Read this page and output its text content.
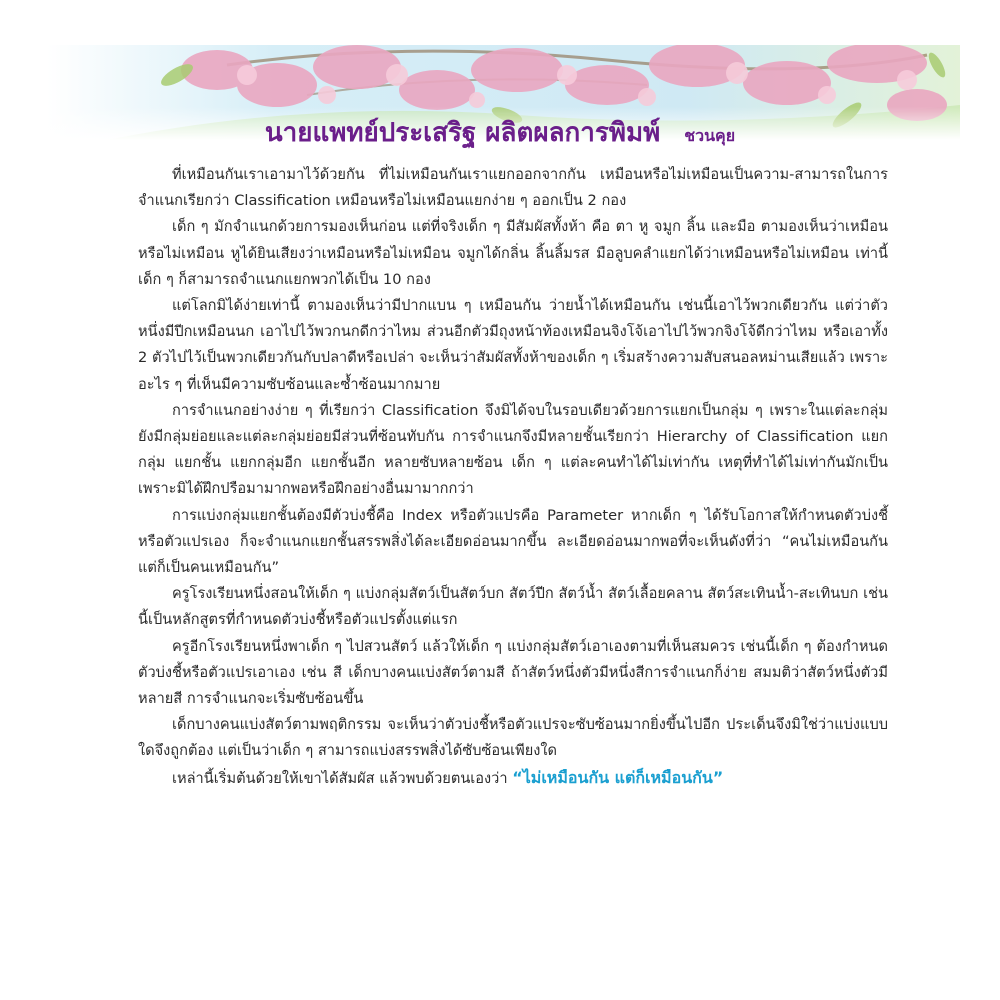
นายแพทย์ประเสริฐ ผลิตผลการพิมพ์ ชวนคุย

ที่เหมือนกันเราเอามาไว้ด้วยกัน ที่ไม่เหมือนกันเราแยกออกจากกัน เหมือนหรือไม่เหมือนเป็นความ-สามารถในการจำแนกเรียกว่า Classification เหมือนหรือไม่เหมือนแยกง่าย ๆ ออกเป็น 2 กอง

เด็ก ๆ มักจำแนกด้วยการมองเห็นก่อน แต่ที่จริงเด็ก ๆ มีสัมผัสทั้งห้า คือ ตา หู จมูก ลิ้น และมือ ตามองเห็นว่าเหมือนหรือไม่เหมือน หูได้ยินเสียงว่าเหมือนหรือไม่เหมือน จมูกได้กลิ่น ลิ้นลิ้มรส มือลูบคลำแยกได้ว่าเหมือนหรือไม่เหมือน เท่านี้เด็ก ๆ ก็สามารถจำแนกแยกพวกได้เป็น 10 กอง

แต่โลกมิได้ง่ายเท่านี้ ตามองเห็นว่ามีปากแบน ๆ เหมือนกัน ว่ายน้ำได้เหมือนกัน เช่นนี้เอาไว้พวกเดียวกัน แต่ว่าตัวหนึ่งมีปีกเหมือนนก เอาไปไว้พวกนกดีกว่าไหม ส่วนอีกตัวมีถุงหน้าท้องเหมือนจิงโจ้เอาไปไว้พวกจิงโจ้ดีกว่าไหม หรือเอาทั้ง 2 ตัวไปไว้เป็นพวกเดียวกันกับปลาดีหรือเปล่า จะเห็นว่าสัมผัสทั้งห้าของเด็ก ๆ เริ่มสร้างความสับสนอลหม่านเสียแล้ว เพราะอะไร ๆ ที่เห็นมีความซับซ้อนและซ้ำซ้อนมากมาย

การจำแนกอย่างง่าย ๆ ที่เรียกว่า Classification จึงมิได้จบในรอบเดียวด้วยการแยกเป็นกลุ่ม ๆ เพราะในแต่ละกลุ่มยังมีกลุ่มย่อยและแต่ละกลุ่มย่อยมีส่วนที่ซ้อนทับกัน การจำแนกจึงมีหลายชั้นเรียกว่า Hierarchy of Classification แยกกลุ่ม แยกชั้น แยกกลุ่มอีก แยกชั้นอีก หลายซับหลายซ้อน เด็ก ๆ แต่ละคนทำได้ไม่เท่ากัน เหตุที่ทำได้ไม่เท่ากันมักเป็นเพราะมิได้ฝึกปรือมามากพอหรือฝึกอย่างอื่นมามากกว่า

การแบ่งกลุ่มแยกชั้นต้องมีตัวบ่งชี้คือ Index หรือตัวแปรคือ Parameter หากเด็ก ๆ ได้รับโอกาสให้กำหนดตัวบ่งชี้หรือตัวแปรเอง ก็จะจำแนกแยกชั้นสรรพสิ่งได้ละเอียดอ่อนมากขึ้น ละเอียดอ่อนมากพอที่จะเห็นดังที่ว่า “คนไม่เหมือนกัน แต่ก็เป็นคนเหมือนกัน”

ครูโรงเรียนหนึ่งสอนให้เด็ก ๆ แบ่งกลุ่มสัตว์เป็นสัตว์บก สัตว์ปีก สัตว์น้ำ สัตว์เลื้อยคลาน สัตว์สะเทินน้ำ-สะเทินบก เช่นนี้เป็นหลักสูตรที่กำหนดตัวบ่งชี้หรือตัวแปรตั้งแต่แรก

ครูอีกโรงเรียนหนึ่งพาเด็ก ๆ ไปสวนสัตว์ แล้วให้เด็ก ๆ แบ่งกลุ่มสัตว์เอาเองตามที่เห็นสมควร เช่นนี้เด็ก ๆ ต้องกำหนดตัวบ่งชี้หรือตัวแปรเอาเอง เช่น สี เด็กบางคนแบ่งสัตว์ตามสี ถ้าสัตว์หนึ่งตัวมีหนึ่งสีการจำแนกก็ง่าย สมมติว่าสัตว์หนึ่งตัวมีหลายสี การจำแนกจะเริ่มซับซ้อนขึ้น

เด็กบางคนแบ่งสัตว์ตามพฤติกรรม จะเห็นว่าตัวบ่งชี้หรือตัวแปรจะซับซ้อนมากยิ่งขึ้นไปอีก ประเด็นจึงมิใช่ว่าแบ่งแบบใดจึงถูกต้อง แต่เป็นว่าเด็ก ๆ สามารถแบ่งสรรพสิ่งได้ซับซ้อนเพียงใด

เหล่านี้เริ่มต้นด้วยให้เขาได้สัมผัส แล้วพบด้วยตนเองว่า “ไม่เหมือนกัน แต่ก็เหมือนกัน”
